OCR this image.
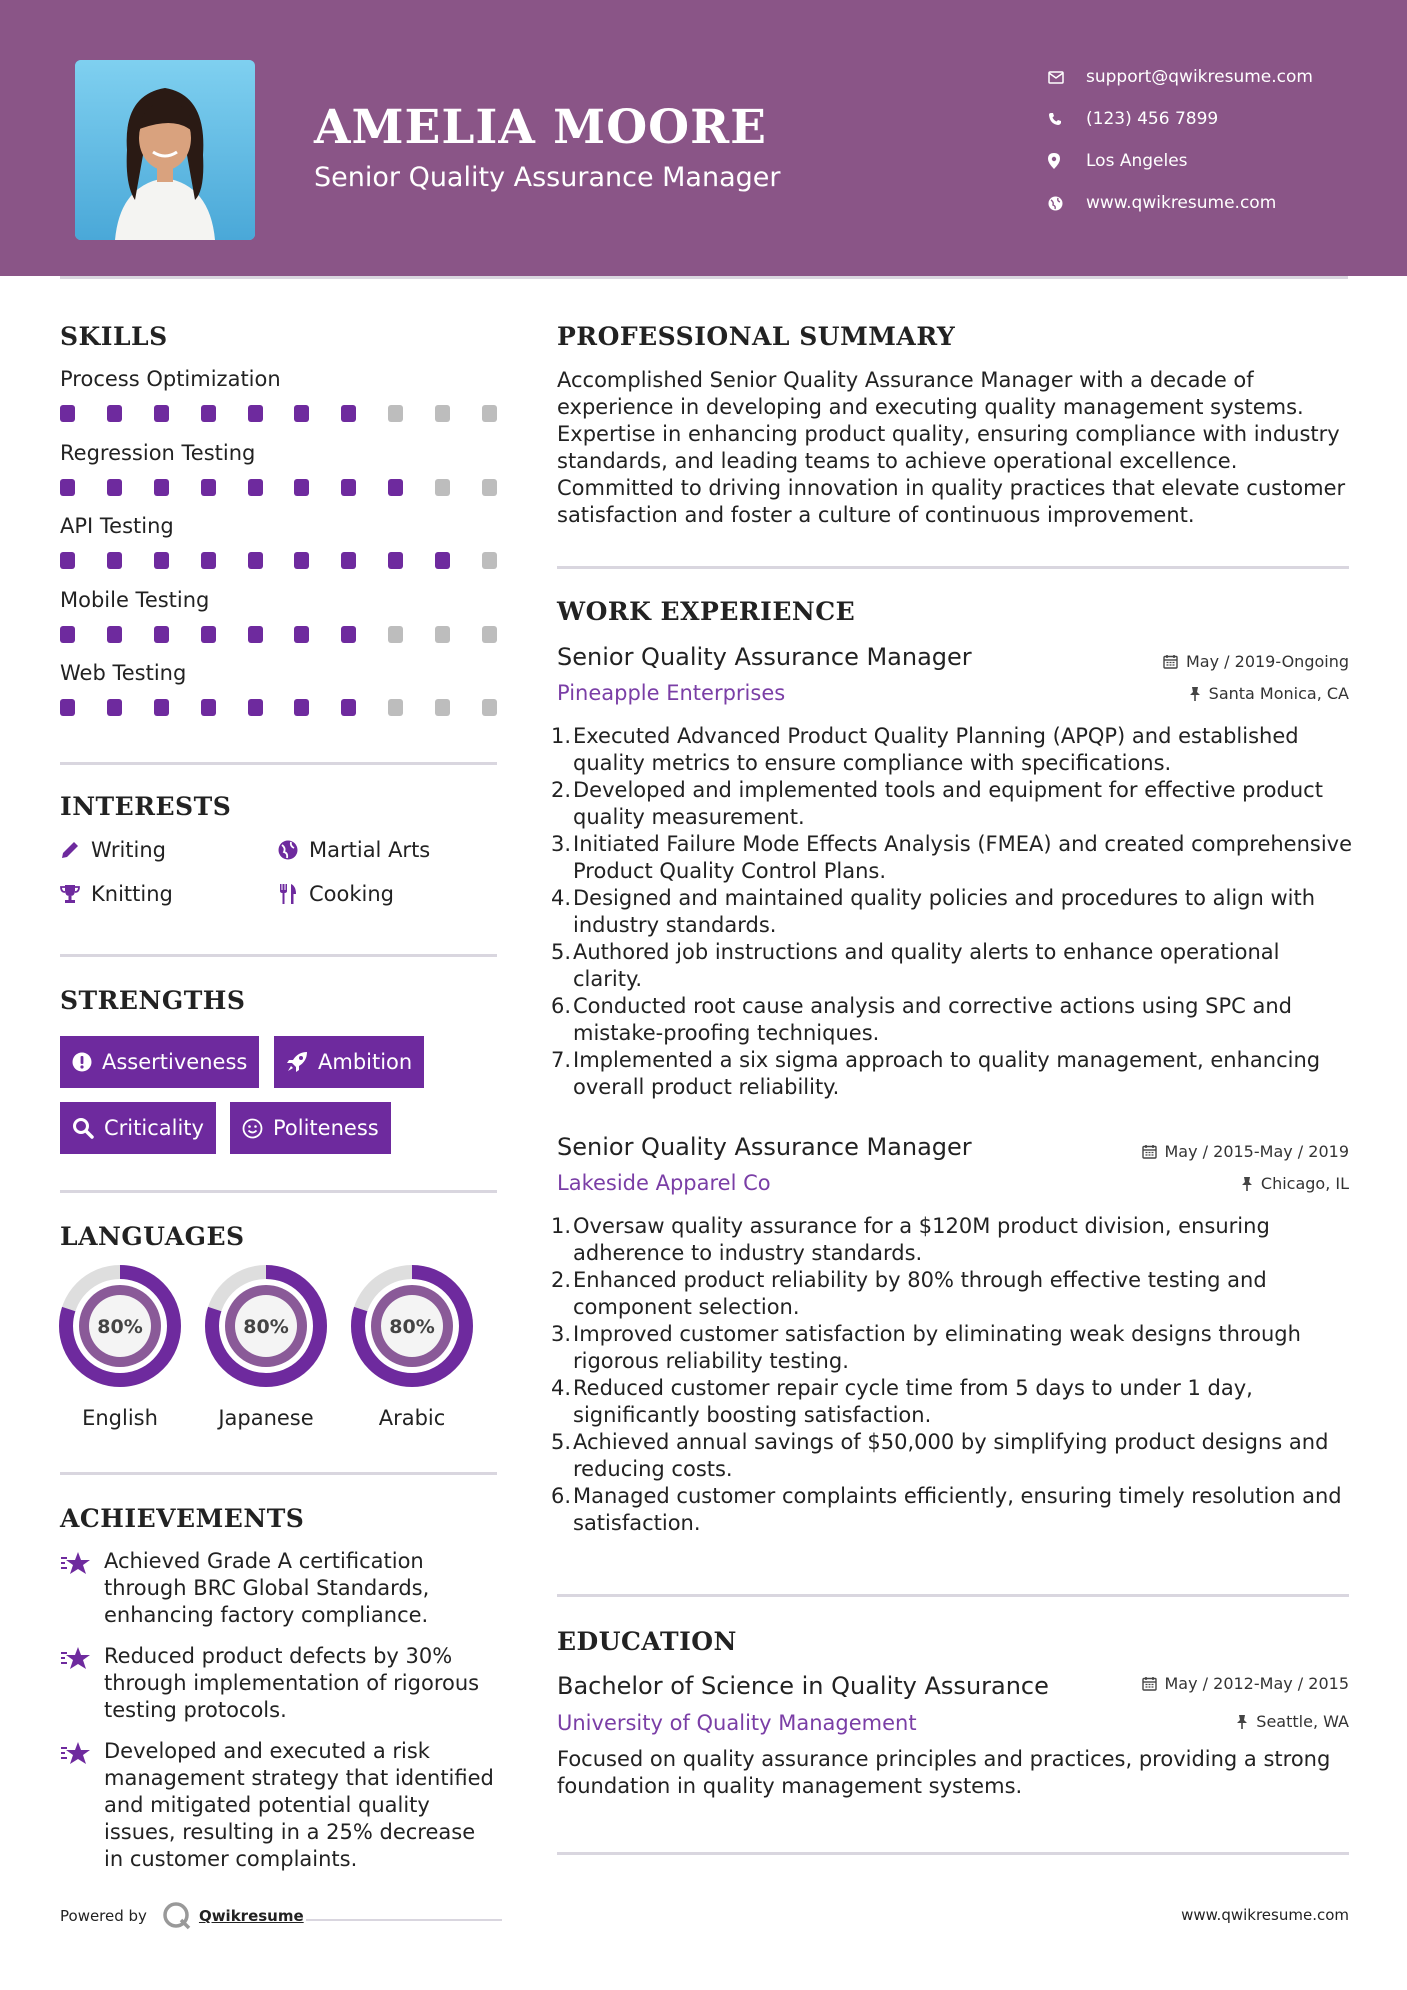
AMELIA MOORE
Senior Quality Assurance Manager
support@qwikresume.com
(123) 456 7899
Los Angeles
www.qwikresume.com
SKILLS
Process Optimization
Regression Testing
API Testing
Mobile Testing
Web Testing
INTERESTS
Writing	Martial Arts
Knitting	Cooking
STRENGTHS
Assertiveness	Ambition
Criticality	Politeness
LANGUAGES
80%
English
80%
Japanese
80%
Arabic
ACHIEVEMENTS
Achieved Grade A certification through BRC Global Standards, enhancing factory compliance.
Reduced product defects by 30% through implementation of rigorous testing protocols.
Developed and executed a risk management strategy that identified and mitigated potential quality issues, resulting in a 25% decrease in customer complaints.
PROFESSIONAL SUMMARY
Accomplished Senior Quality Assurance Manager with a decade of experience in developing and executing quality management systems. Expertise in enhancing product quality, ensuring compliance with industry standards, and leading teams to achieve operational excellence. Committed to driving innovation in quality practices that elevate customer satisfaction and foster a culture of continuous improvement.
WORK EXPERIENCE
Senior Quality Assurance Manager
Pineapple Enterprises
May / 2019-Ongoing
Santa Monica, CA
1. Executed Advanced Product Quality Planning (APQP) and established quality metrics to ensure compliance with specifications.
2. Developed and implemented tools and equipment for effective product quality measurement.
3. Initiated Failure Mode Effects Analysis (FMEA) and created comprehensive Product Quality Control Plans.
4. Designed and maintained quality policies and procedures to align with industry standards.
5. Authored job instructions and quality alerts to enhance operational clarity.
6. Conducted root cause analysis and corrective actions using SPC and mistake-proofing techniques.
7. Implemented a six sigma approach to quality management, enhancing overall product reliability.
Senior Quality Assurance Manager
Lakeside Apparel Co
May / 2015-May / 2019
Chicago, IL
1. Oversaw quality assurance for a $120M product division, ensuring adherence to industry standards.
2. Enhanced product reliability by 80% through effective testing and component selection.
3. Improved customer satisfaction by eliminating weak designs through rigorous reliability testing.
4. Reduced customer repair cycle time from 5 days to under 1 day, significantly boosting satisfaction.
5. Achieved annual savings of $50,000 by simplifying product designs and reducing costs.
6. Managed customer complaints efficiently, ensuring timely resolution and satisfaction.
EDUCATION
Bachelor of Science in Quality Assurance
University of Quality Management
May / 2012-May / 2015
Seattle, WA
Focused on quality assurance principles and practices, providing a strong foundation in quality management systems.
Powered by	Qwikresume	www.qwikresume.com
